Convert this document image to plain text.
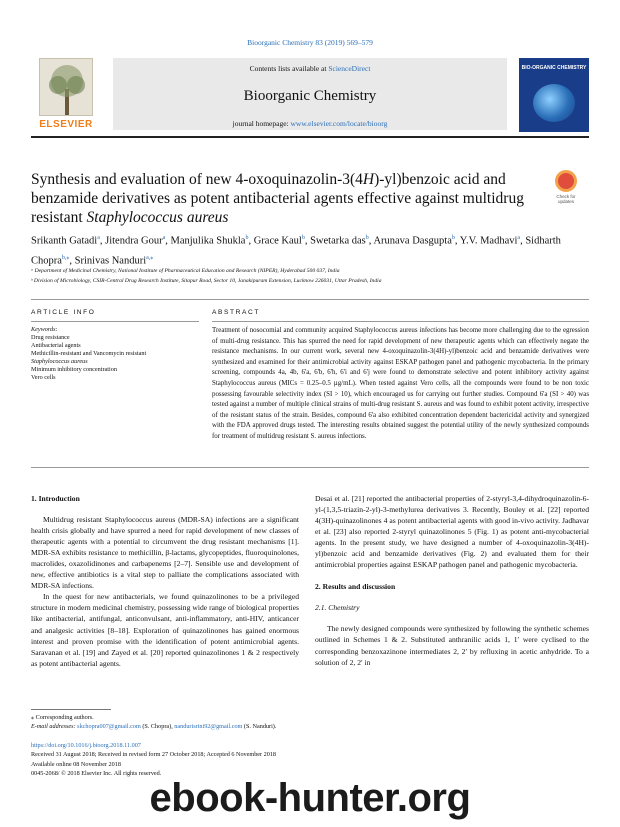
Bioorganic Chemistry 83 (2019) 569–579
ELSEVIER
Contents lists available at ScienceDirect
Bioorganic Chemistry
journal homepage: www.elsevier.com/locate/bioorg
BIO-ORGANIC CHEMISTRY
Synthesis and evaluation of new 4-oxoquinazolin-3(4H)-yl)benzoic acid and benzamide derivatives as potent antibacterial agents effective against multidrug resistant Staphylococcus aureus
Check for updates
Srikanth Gatadi$^a$, Jitendra Gour$^a$, Manjulika Shukla$^b$, Grace Kaul$^b$, Swetarka das$^b$, Arunava Dasgupta$^b$, Y.V. Madhavi$^a$, Sidharth Chopra$^{b,⁎}$, Srinivas Nanduri$^{a,⁎}$
ᵃ Department of Medicinal Chemistry, National Institute of Pharmaceutical Education and Research (NIPER), Hyderabad 500 037, India
ᵇ Division of Microbiology, CSIR-Central Drug Research Institute, Sitapur Road, Sector 10, Janakipuram Extension, Lucknow 226031, Uttar Pradesh, India
ARTICLE INFO	ABSTRACT
Keywords:
Drug resistance
Antibacterial agents
Methicillin-resistant and Vancomycin resistant
Staphylococcus aureus
Minimum inhibitory concentration
Vero cells
Treatment of nosocomial and community acquired Staphylococcus aureus infections has become more challenging due to the egression of multi-drug resistance. This has spurred the need for rapid development of new therapeutic agents which can effectively negate the resistance mechanisms. In our current work, several new 4-oxoquinazolin-3(4H)-yl)benzoic acid and benzamide derivatives were synthesized and examined for their antimicrobial activity against ESKAP pathogen panel and pathogenic mycobacteria. In the primary screening, compounds 4a, 4b, 6'a, 6'b, 6'h, 6'i and 6'j were found to demonstrate selective and potent inhibitory activity against Staphylococcus aureus (MICs = 0.25–0.5 µg/mL). When tested against Vero cells, all the compounds were found to be non toxic possessing favourable selectivity index (SI > 10), which encouraged us for carrying out further studies. Compound 6'a (SI > 40) was tested against a number of multiple clinical strains of multi-drug resistant S. aureus and was found to exhibit potent activity, irrespective of the resistant status of the strain. Besides, compound 6'a also exhibited concentration dependent bactericidal activity and synergized with the FDA approved drugs tested. The interesting results obtained suggest the potential utility of the newly synthesized compounds for treatment of multidrug resistant S. aureus infections.
1. Introduction

Multidrug resistant Staphylococcus aureus (MDR-SA) infections are a significant health crisis globally and have spurred a need for rapid development of new classes of therapeutic agents with a potential to circumvent the drug resistant mechanisms [1]. MDR-SA exhibits resistance to methicillin, β-lactams, glycopeptides, fluoroquinolones, macrolides, oxazolidinones and carbapenems [2–7]. Sensible use and development of new, effective antibiotics is a vital step to palliate the complications associated with MDR-SA infections.

In the quest for new antibacterials, we found quinazolinones to be a privileged structure in modern medicinal chemistry, possessing wide range of biological properties like antibacterial, antifungal, anticonvulsant, anti-inflammatory, anti-HIV, anticancer and analgesic activities [8–18]. Exploration of quinazolinones has gained enormous interest and proven promise with the identification of potent antimicrobial agents. Saravanan et al. [19] and Zayed et al. [20] reported quinazolinones 1 & 2 respectively as potent antibacterial agents.

Desai et al. [21] reported the antibacterial properties of 2-styryl-3,4-dihydroquinazolin-6-yl-(1,3,5-triazin-2-yl)-3-methylurea derivatives 3. Recently, Bouley et al. [22] reported 4(3H)-quinazolinones 4 as potent antibacterial agents with good in-vivo activity. Jadhavar et al. [23] also reported 2-styryl quinazolinones 5 (Fig. 1) as potent anti-mycobacterial agents. In the present study, we have designed a number of 4-oxoquinazolin-3(4H)-yl)benzoic acid and benzamide derivatives (Fig. 2) and evaluated them for their antimicrobial properties against ESKAP pathogen panel and pathogenic mycobacteria.

2. Results and discussion
2.1. Chemistry

The newly designed compounds were synthesized by following the synthetic schemes outlined in Schemes 1 & 2. Substituted anthranilic acids 1, 1′ were cyclised to the corresponding benzoxazinone intermediates 2, 2′ by refluxing in acetic anhydride. To a solution of 2, 2′ in

⁎ Corresponding authors.
E-mail addresses: skchopra007@gmail.com (S. Chopra), nandurisrini92@gmail.com (S. Nanduri).
https://doi.org/10.1016/j.bioorg.2018.11.007
Received 31 August 2018; Received in revised form 27 October 2018; Accepted 6 November 2018
Available online 08 November 2018
0045-2068/ © 2018 Elsevier Inc. All rights reserved.
ebook-hunter.org
